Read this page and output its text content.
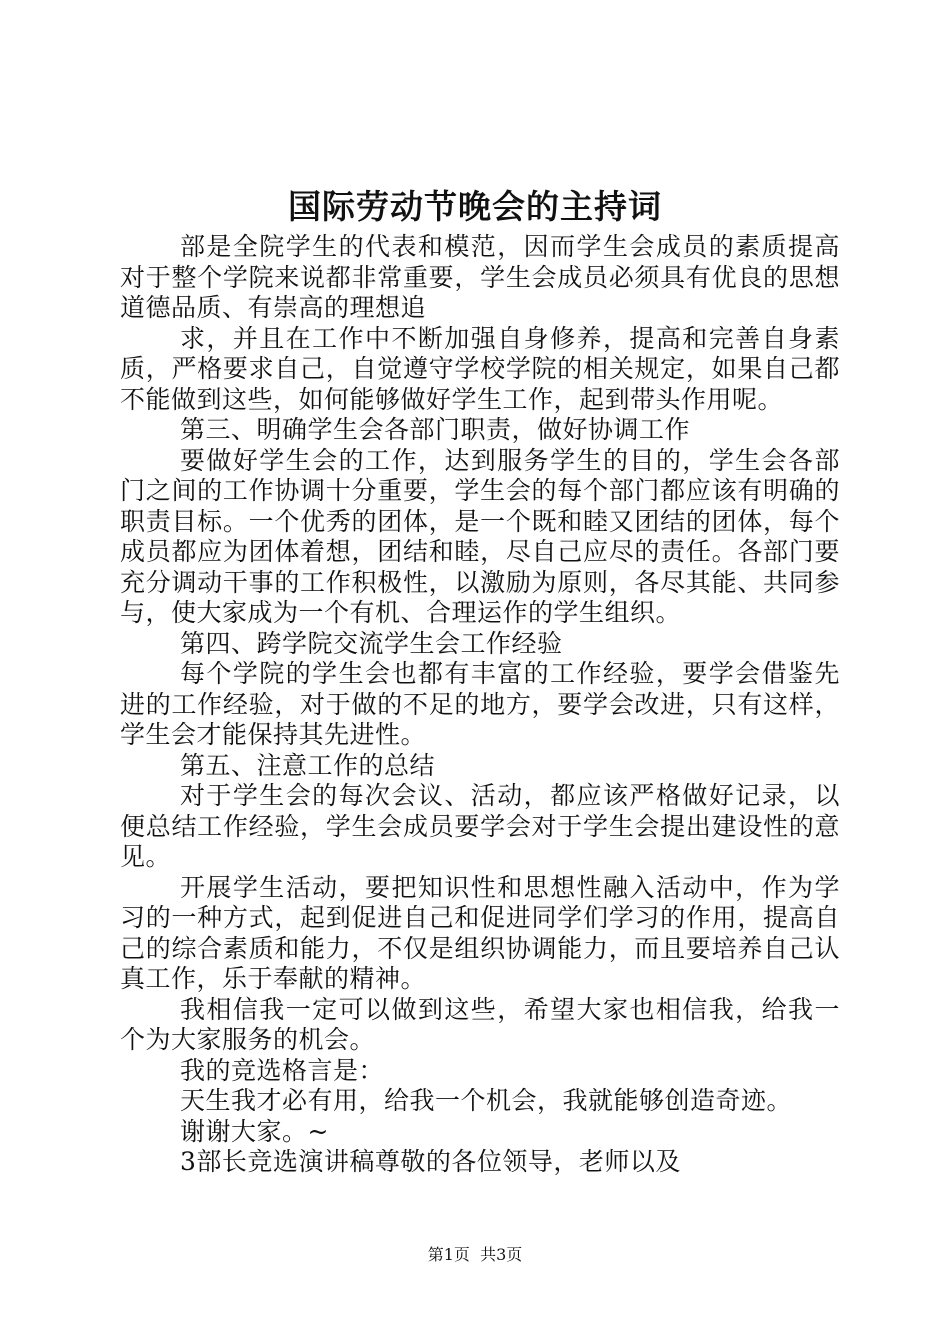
国际劳动节晚会的主持词

部是全院学生的代表和模范，因而学生会成员的素质提高对于整个学院来说都非常重要，学生会成员必须具有优良的思想道德品质、有崇高的理想追

求，并且在工作中不断加强自身修养，提高和完善自身素质，严格要求自己，自觉遵守学校学院的相关规定，如果自己都不能做到这些，如何能够做好学生工作，起到带头作用呢。

第三、明确学生会各部门职责，做好协调工作

要做好学生会的工作，达到服务学生的目的，学生会各部门之间的工作协调十分重要，学生会的每个部门都应该有明确的职责目标。一个优秀的团体，是一个既和睦又团结的团体，每个成员都应为团体着想，团结和睦，尽自己应尽的责任。各部门要充分调动干事的工作积极性，以激励为原则，各尽其能、共同参与，使大家成为一个有机、合理运作的学生组织。

第四、跨学院交流学生会工作经验

每个学院的学生会也都有丰富的工作经验，要学会借鉴先进的工作经验，对于做的不足的地方，要学会改进，只有这样，学生会才能保持其先进性。

第五、注意工作的总结

对于学生会的每次会议、活动，都应该严格做好记录，以便总结工作经验，学生会成员要学会对于学生会提出建设性的意见。

开展学生活动，要把知识性和思想性融入活动中，作为学习的一种方式，起到促进自己和促进同学们学习的作用，提高自己的综合素质和能力，不仅是组织协调能力，而且要培养自己认真工作，乐于奉献的精神。

我相信我一定可以做到这些，希望大家也相信我，给我一个为大家服务的机会。

我的竞选格言是：

天生我才必有用，给我一个机会，我就能够创造奇迹。

谢谢大家。~

3部长竞选演讲稿尊敬的各位领导，老师以及

第1页  共3页
